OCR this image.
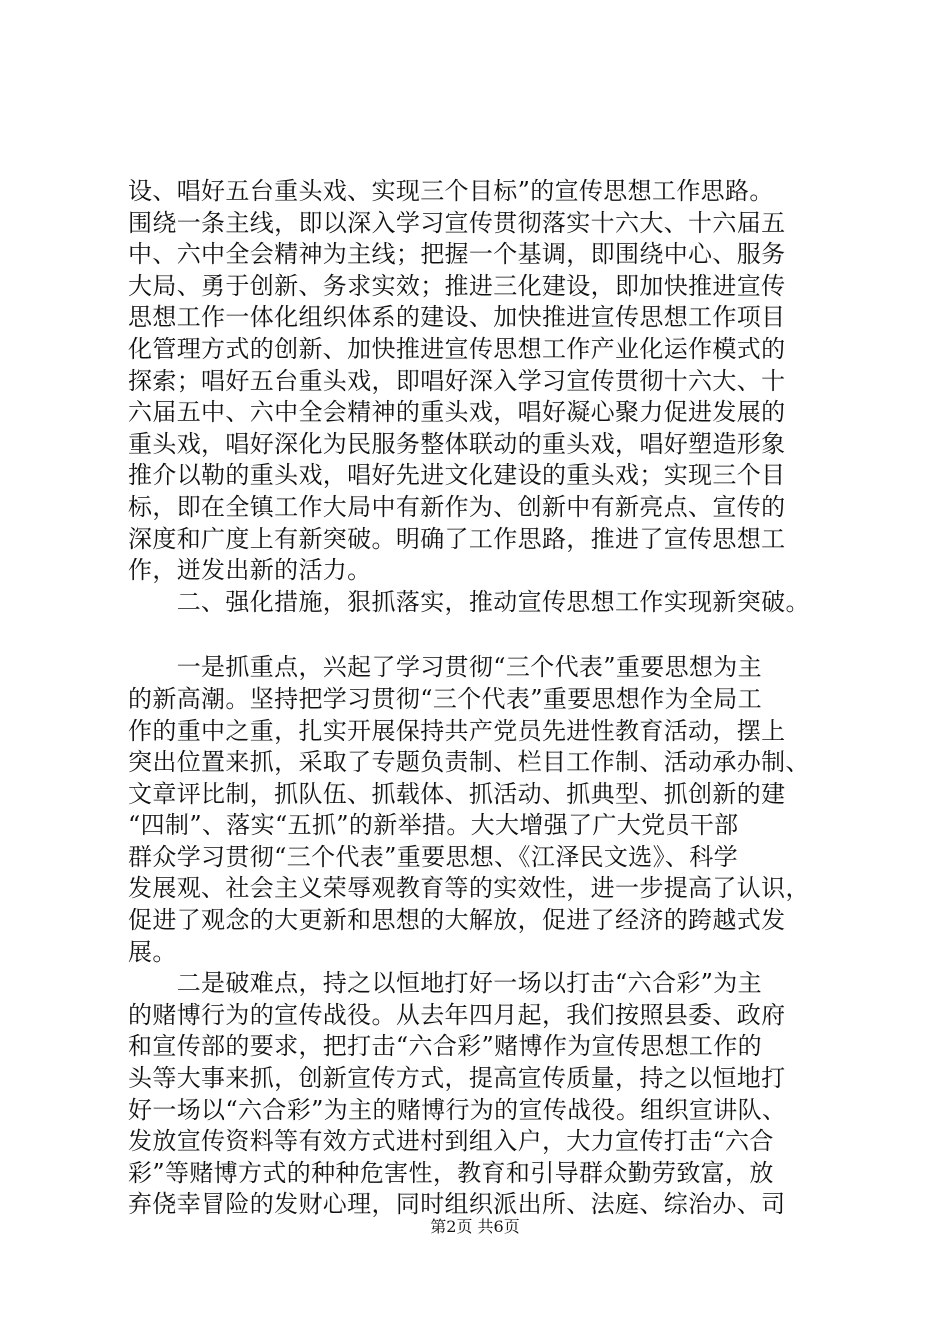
设、唱好五台重头戏、实现三个目标”的宣传思想工作思路。
围绕一条主线，即以深入学习宣传贯彻落实十六大、十六届五
中、六中全会精神为主线；把握一个基调，即围绕中心、服务
大局、勇于创新、务求实效；推进三化建设，即加快推进宣传
思想工作一体化组织体系的建设、加快推进宣传思想工作项目
化管理方式的创新、加快推进宣传思想工作产业化运作模式的
探索；唱好五台重头戏，即唱好深入学习宣传贯彻十六大、十
六届五中、六中全会精神的重头戏，唱好凝心聚力促进发展的
重头戏，唱好深化为民服务整体联动的重头戏，唱好塑造形象
推介以勒的重头戏，唱好先进文化建设的重头戏；实现三个目
标，即在全镇工作大局中有新作为、创新中有新亮点、宣传的
深度和广度上有新突破。明确了工作思路，推进了宣传思想工
作，迸发出新的活力。
　　二、强化措施，狠抓落实，推动宣传思想工作实现新突破。
　　一是抓重点，兴起了学习贯彻“三个代表”重要思想为主
的新高潮。坚持把学习贯彻“三个代表”重要思想作为全局工
作的重中之重，扎实开展保持共产党员先进性教育活动，摆上
突出位置来抓，采取了专题负责制、栏目工作制、活动承办制、
文章评比制，抓队伍、抓载体、抓活动、抓典型、抓创新的建
“四制”、落实“五抓”的新举措。大大增强了广大党员干部
群众学习贯彻“三个代表”重要思想、《江泽民文选》、科学
发展观、社会主义荣辱观教育等的实效性，进一步提高了认识，
促进了观念的大更新和思想的大解放，促进了经济的跨越式发
展。
　　二是破难点，持之以恒地打好一场以打击“六合彩”为主
的赌博行为的宣传战役。从去年四月起，我们按照县委、政府
和宣传部的要求，把打击“六合彩”赌博作为宣传思想工作的
头等大事来抓，创新宣传方式，提高宣传质量，持之以恒地打
好一场以“六合彩”为主的赌博行为的宣传战役。组织宣讲队、
发放宣传资料等有效方式进村到组入户，大力宣传打击“六合
彩”等赌博方式的种种危害性，教育和引导群众勤劳致富，放
弃侥幸冒险的发财心理，同时组织派出所、法庭、综治办、司
第2页 共6页
